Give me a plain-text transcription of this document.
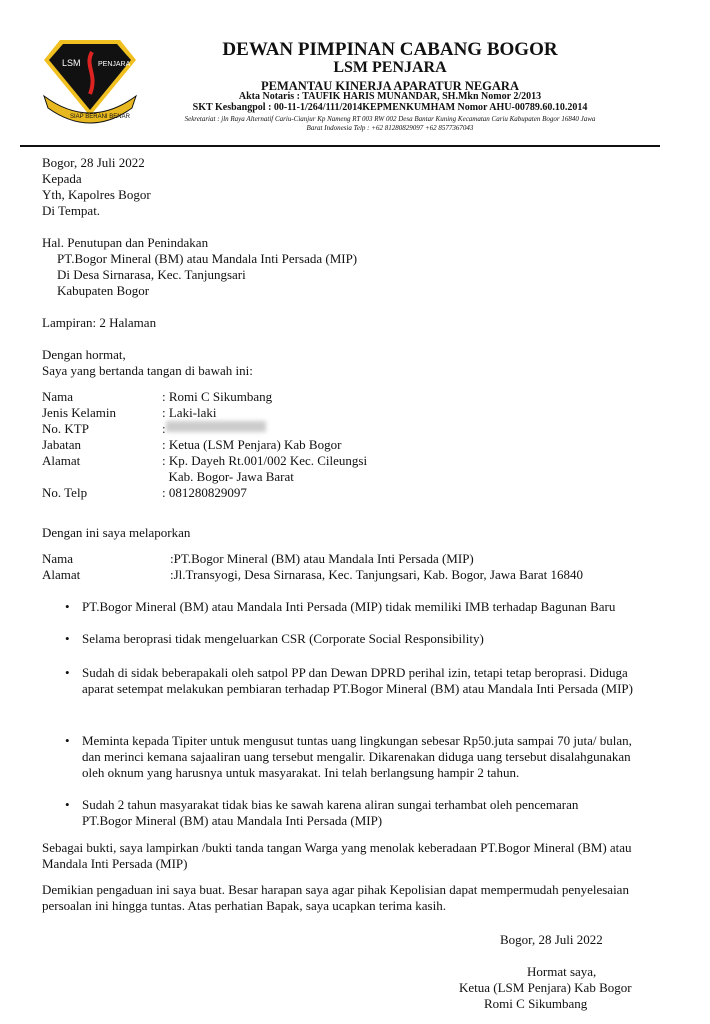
LSM PENJARA
SIAP BERANI BENAR
DEWAN PIMPINAN CABANG BOGOR
LSM PENJARA
PEMANTAU KINERJA APARATUR NEGARA
Akta Notaris : TAUFIK HARIS MUNANDAR, SH.Mkn Nomor 2/2013
SKT Kesbangpol : 00-11-1/264/111/2014KEPMENKUMHAM Nomor AHU-00789.60.10.2014
Sekretariat : jln Raya Alternatif Cariu-Cianjur Kp Nameng RT 003 RW 002 Desa Bantar Kuning Kecamatan Cariu Kabupaten Bogor 16840 Jawa
Barat Indonesia Telp : +62 81280829097 +62 8577367043
Bogor, 28 Juli 2022
Kepada
Yth, Kapolres Bogor
Di Tempat.
Hal. Penutupan dan Penindakan
PT.Bogor Mineral (BM) atau Mandala Inti Persada (MIP)
Di Desa Sirnarasa, Kec. Tanjungsari
Kabupaten Bogor
Lampiran: 2 Halaman
Dengan hormat,
Saya yang bertanda tangan di bawah ini:
Nama	: Romi C Sikumbang
Jenis Kelamin	: Laki-laki
No. KTP	:
Jabatan	: Ketua (LSM Penjara) Kab Bogor
Alamat	: Kp. Dayeh Rt.001/002 Kec. Cileungsi
Kab. Bogor- Jawa Barat
No. Telp	: 081280829097
Dengan ini saya melaporkan
Nama	:PT.Bogor Mineral (BM) atau Mandala Inti Persada (MIP)
Alamat	:Jl.Transyogi, Desa Sirnarasa, Kec. Tanjungsari, Kab. Bogor, Jawa Barat 16840
• PT.Bogor Mineral (BM) atau Mandala Inti Persada (MIP) tidak memiliki IMB terhadap Bagunan Baru
• Selama beroprasi tidak mengeluarkan CSR (Corporate Social Responsibility)
• Sudah di sidak beberapakali oleh satpol PP dan Dewan DPRD perihal izin, tetapi tetap beroprasi. Diduga aparat setempat melakukan pembiaran terhadap PT.Bogor Mineral (BM) atau Mandala Inti Persada (MIP)
• Meminta kepada Tipiter untuk mengusut tuntas uang lingkungan sebesar Rp50.juta sampai 70 juta/ bulan, dan merinci kemana sajaaliran uang tersebut mengalir. Dikarenakan diduga uang tersebut disalahgunakan oleh oknum yang harusnya untuk masyarakat. Ini telah berlangsung hampir 2 tahun.
• Sudah 2 tahun masyarakat tidak bias ke sawah karena aliran sungai terhambat oleh pencemaran PT.Bogor Mineral (BM) atau Mandala Inti Persada (MIP)
Sebagai bukti, saya lampirkan /bukti tanda tangan Warga yang menolak keberadaan PT.Bogor Mineral (BM) atau Mandala Inti Persada (MIP)
Demikian pengaduan ini saya buat. Besar harapan saya agar pihak Kepolisian dapat mempermudah penyelesaian persoalan ini hingga tuntas. Atas perhatian Bapak, saya ucapkan terima kasih.
Bogor, 28 Juli 2022
Hormat saya,
Ketua (LSM Penjara) Kab Bogor
Romi C Sikumbang
